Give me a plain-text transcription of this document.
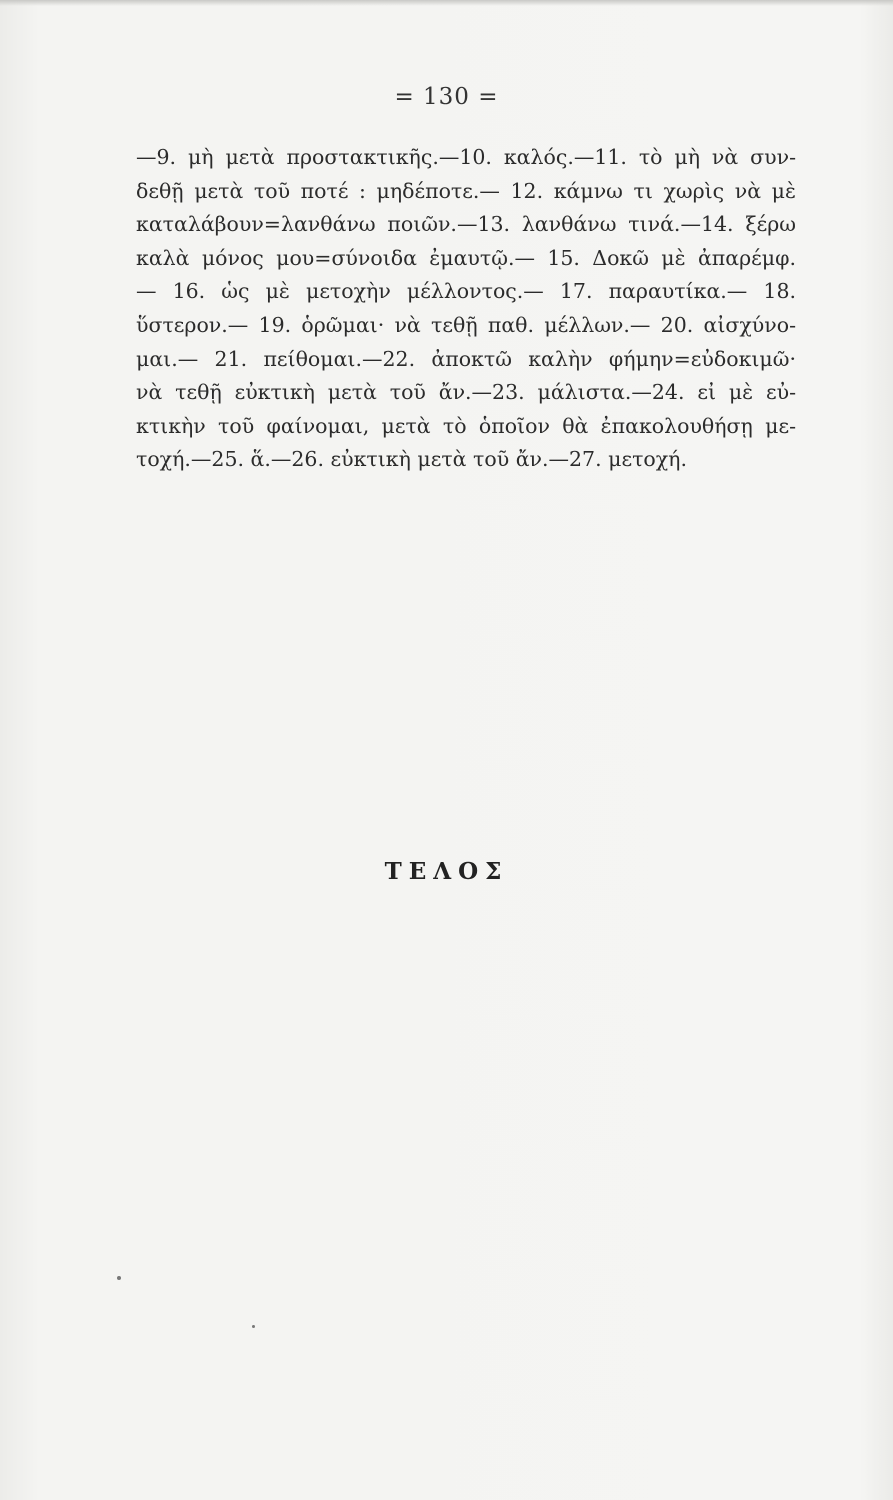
= 130 =
—9. μὴ μετὰ προστακτικῆς.—10. καλός.—11. τὸ μὴ νὰ συν-
δεθῇ μετὰ τοῦ ποτέ : μηδέποτε.— 12. κάμνω τι χωρὶς νὰ μὲ
καταλάβουν=λανθάνω ποιῶν.—13. λανθάνω τινά.—14. ξέρω
καλὰ μόνος μου=σύνοιδα ἐμαυτῷ.— 15. Δοκῶ μὲ ἀπαρέμφ.
— 16. ὡς μὲ μετοχὴν μέλλοντος.— 17. παραυτίκα.— 18.
ὕστερον.— 19. ὁρῶμαι· νὰ τεθῇ παθ. μέλλων.— 20. αἰσχύνο-
μαι.— 21. πείθομαι.—22. ἀποκτῶ καλὴν φήμην=εὐδοκιμῶ·
νὰ τεθῇ εὐκτικὴ μετὰ τοῦ ἄν.—23. μάλιστα.—24. εἰ μὲ εὐ-
κτικὴν τοῦ φαίνομαι, μετὰ τὸ ὁποῖον θὰ ἐπακολουθήσῃ με-
τοχή.—25. ἅ.—26. εὐκτικὴ μετὰ τοῦ ἄν.—27. μετοχή.
ΤΕΛΟΣ
